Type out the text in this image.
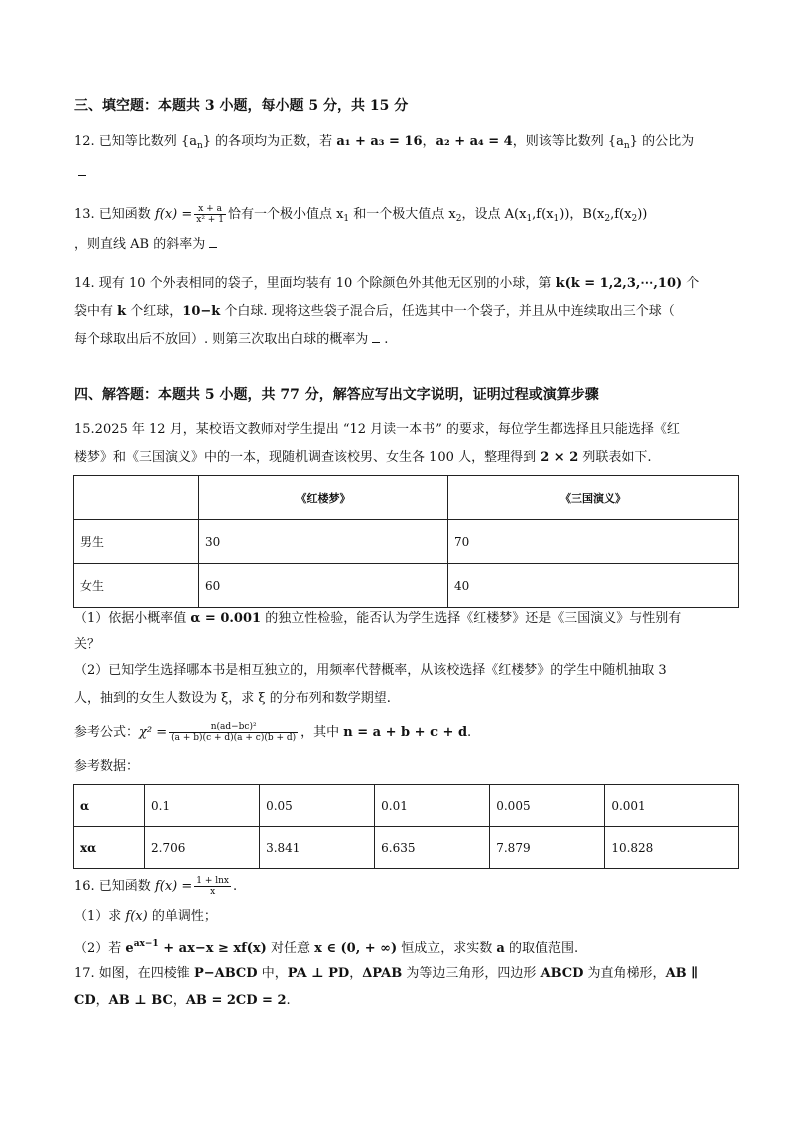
三、填空题：本题共 3 小题，每小题 5 分，共 15 分
12. 已知等比数列 $\{a_n\}$ 的各项均为正数，若 a₁ + a₃ = 16，a₂ + a₄ = 4，则该等比数列 $\{a_n\}$ 的公比为
13. 已知函数 $f(x) = \frac{x + a}{\text{x² + 1}}$ 恰有一个极小值点 $x_1$ 和一个极大值点 $x_2$，设点 $A(x_1,f(x_1))$，$B(x_2,f(x_2))$
，则直线 AB 的斜率为
14. 现有 10 个外表相同的袋子，里面均装有 10 个除颜色外其他无区别的小球，第 k(k = 1,2,3,⋯,10) 个
袋中有 k 个红球，10−k 个白球. 现将这些袋子混合后，任选其中一个袋子，并且从中连续取出三个球（
每个球取出后不放回）. 则第三次取出白球的概率为 .
四、解答题：本题共 5 小题，共 77 分，解答应写出文字说明，证明过程或演算步骤
15.2025 年 12 月，某校语文教师对学生提出 “12 月读一本书” 的要求，每位学生都选择且只能选择《红
楼梦》和《三国演义》中的一本，现随机调查该校男、女生各 100 人，整理得到 2 × 2 列联表如下.
	《红楼梦》	《三国演义》
男生	30	70
女生	60	40
（1）依据小概率值 α = 0.001 的独立性检验，能否认为学生选择《红楼梦》还是《三国演义》与性别有
关？
（2）已知学生选择哪本书是相互独立的，用频率代替概率，从该校选择《红楼梦》的学生中随机抽取 3
人，抽到的女生人数设为 ξ，求 ξ 的分布列和数学期望.
参考公式：$\chi^2 = \frac{\text{n(ad−bc)²}}{(a + b)(c + d)(a + c)(b + d)}$ ，其中 n = a + b + c + d.
参考数据：
α	0.1	0.05	0.01	0.005	0.001
xα	2.706	3.841	6.635	7.879	10.828
16. 已知函数 $f(x) = \frac{1 + \ln x}{x}$ .
（1）求 f(x) 的单调性；
（2）若 $e^{ax-1} + ax-x \ge xf(x)$ 对任意 x ∈ (0, + ∞) 恒成立，求实数 a 的取值范围.
17. 如图，在四棱锥 P−ABCD 中，PA ⊥ PD，ΔPAB 为等边三角形，四边形 ABCD 为直角梯形，AB ∥
CD，AB ⊥ BC，AB = 2CD = 2.
